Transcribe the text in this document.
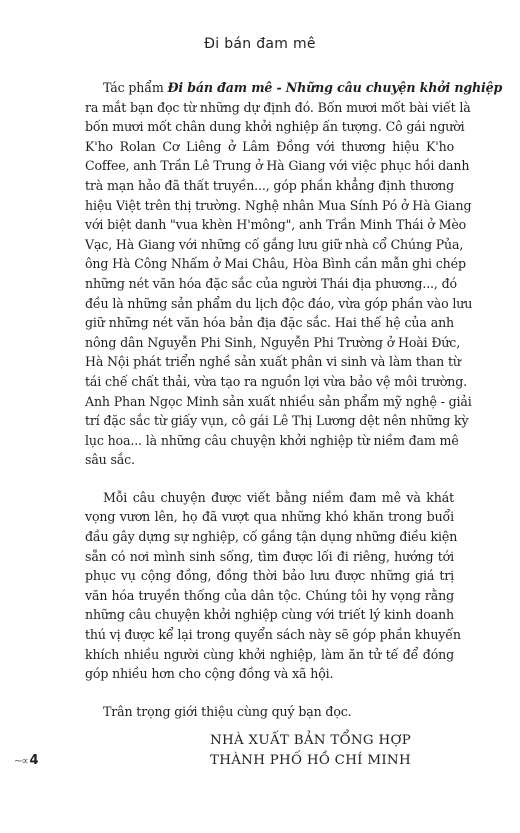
Đi bán đam mê
Tác phẩm Đi bán đam mê - Những câu chuyện khởi nghiệp
ra mắt bạn đọc từ những dự định đó. Bốn mươi mốt bài viết là
bốn mươi mốt chân dung khởi nghiệp ấn tượng. Cô gái người
K'ho Rolan Cơ Liêng ở Lâm Đồng với thương hiệu K'ho
Coffee, anh Trần Lê Trung ở Hà Giang với việc phục hồi danh
trà mạn hảo đã thất truyền..., góp phần khẳng định thương
hiệu Việt trên thị trường. Nghệ nhân Mua Sính Pó ở Hà Giang
với biệt danh "vua khèn H'mông", anh Trần Minh Thái ở Mèo
Vạc, Hà Giang với những cố gắng lưu giữ nhà cổ Chúng Pủa,
ông Hà Công Nhấm ở Mai Châu, Hòa Bình cần mẫn ghi chép
những nét văn hóa đặc sắc của người Thái địa phương..., đó
đều là những sản phẩm du lịch độc đáo, vừa góp phần vào lưu
giữ những nét văn hóa bản địa đặc sắc. Hai thế hệ của anh
nông dân Nguyễn Phi Sinh, Nguyễn Phi Trường ở Hoài Đức,
Hà Nội phát triển nghề sản xuất phân vi sinh và làm than từ
tái chế chất thải, vừa tạo ra nguồn lợi vừa bảo vệ môi trường.
Anh Phan Ngọc Minh sản xuất nhiều sản phẩm mỹ nghệ - giải
trí đặc sắc từ giấy vụn, cô gái Lê Thị Lương dệt nên những kỳ
lục hoa... là những câu chuyện khởi nghiệp từ niềm đam mê
sâu sắc.
Mỗi câu chuyện được viết bằng niềm đam mê và khát
vọng vươn lên, họ đã vượt qua những khó khăn trong buổi
đầu gây dựng sự nghiệp, cố gắng tận dụng những điều kiện
sẵn có nơi mình sinh sống, tìm được lối đi riêng, hướng tới
phục vụ cộng đồng, đồng thời bảo lưu được những giá trị
văn hóa truyền thống của dân tộc. Chúng tôi hy vọng rằng
những câu chuyện khởi nghiệp cùng với triết lý kinh doanh
thú vị được kể lại trong quyển sách này sẽ góp phần khuyến
khích nhiều người cùng khởi nghiệp, làm ăn tử tế để đóng
góp nhiều hơn cho cộng đồng và xã hội.
Trân trọng giới thiệu cùng quý bạn đọc.
NHÀ XUẤT BẢN TỔNG HỢP
THÀNH PHỐ HỒ CHÍ MINH
~∝ 4
